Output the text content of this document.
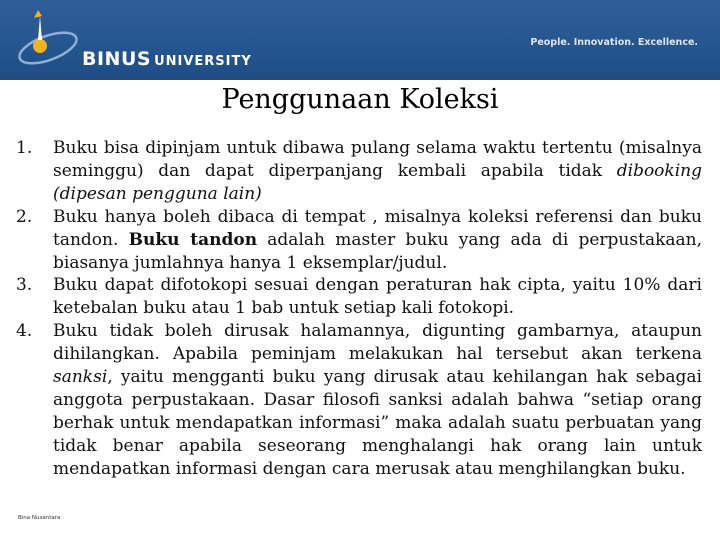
BINUS UNIVERSITY
People. Innovation. Excellence.
Penggunaan Koleksi
1. Buku bisa dipinjam untuk dibawa pulang selama waktu tertentu (misalnya seminggu) dan dapat diperpanjang kembali apabila tidak dibooking (dipesan pengguna lain)
2. Buku hanya boleh dibaca di tempat , misalnya koleksi referensi dan buku tandon. Buku tandon adalah master buku yang ada di perpustakaan, biasanya jumlahnya hanya 1 eksemplar/judul.
3. Buku dapat difotokopi sesuai dengan peraturan hak cipta, yaitu 10% dari ketebalan buku atau 1 bab untuk setiap kali fotokopi.
4. Buku tidak boleh dirusak halamannya, digunting gambarnya, ataupun dihilangkan. Apabila peminjam melakukan hal tersebut akan terkena sanksi, yaitu mengganti buku yang dirusak atau kehilangan hak sebagai anggota perpustakaan. Dasar filosofi sanksi adalah bahwa “setiap orang berhak untuk mendapatkan informasi” maka adalah suatu perbuatan yang tidak benar apabila seseorang menghalangi hak orang lain untuk mendapatkan informasi dengan cara merusak atau menghilangkan buku.
Bina Nusantara
